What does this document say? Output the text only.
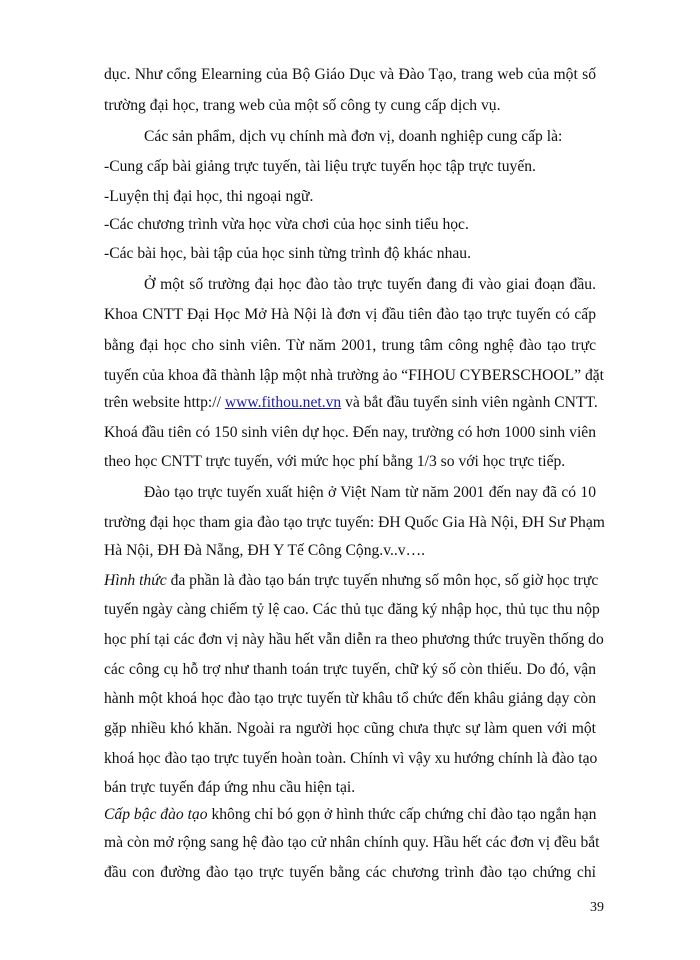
dục. Như cổng Elearning của Bộ Giáo Dục và Đào Tạo, trang web của một số
trường đại học, trang web của một số công ty cung cấp dịch vụ.
Các sản phẩm, dịch vụ chính mà đơn vị, doanh nghiệp cung cấp là:
-Cung cấp bài giảng trực tuyến, tài liệu trực tuyến học tập trực tuyến.
-Luyện thị đại học, thi ngoại ngữ.
-Các chương trình vừa học vừa chơi của học sinh tiểu học.
-Các bài học, bài tập của học sinh từng trình độ khác nhau.
Ở một số trường đại học đào tào trực tuyến đang đi vào giai đoạn đầu.
Khoa CNTT Đại Học Mở Hà Nội là đơn vị đầu tiên đào tạo trực tuyến có cấp
bằng đại học cho sinh viên. Từ năm 2001, trung tâm công nghệ đào tạo trực
tuyến của khoa đã thành lập một nhà trường ảo “FIHOU CYBERSCHOOL” đặt
trên website http:// www.fithou.net.vn và bắt đầu tuyển sinh viên ngành CNTT.
Khoá đầu tiên có 150 sinh viên dự học. Đến nay, trường có hơn 1000 sinh viên
theo học CNTT trực tuyến, với mức học phí bằng 1/3 so với học trực tiếp.
Đào tạo trực tuyến xuất hiện ở Việt Nam từ năm 2001 đến nay đã có 10
trường đại học tham gia đào tạo trực tuyến: ĐH Quốc Gia Hà Nội, ĐH Sư Phạm
Hà Nội, ĐH Đà Nẵng, ĐH Y Tế Công Cộng.v..v….
Hình thức đa phần là đào tạo bán trực tuyến nhưng số môn học, số giờ học trực
tuyến ngày càng chiếm tỷ lệ cao. Các thủ tục đăng ký nhập học, thủ tục thu nộp
học phí tại các đơn vị này hầu hết vẫn diễn ra theo phương thức truyền thống do
các công cụ hỗ trợ như thanh toán trực tuyến, chữ ký số còn thiếu. Do đó, vận
hành một khoá học đào tạo trực tuyến từ khâu tổ chức đến khâu giảng dạy còn
gặp nhiều khó khăn. Ngoài ra người học cũng chưa thực sự làm quen với một
khoá học đào tạo trực tuyến hoàn toàn. Chính vì vậy xu hướng chính là đào tạo
bán trực tuyến đáp ứng nhu cầu hiện tại.
Cấp bậc đào tạo không chỉ bó gọn ở hình thức cấp chứng chỉ đào tạo ngắn hạn
mà còn mở rộng sang hệ đào tạo cử nhân chính quy. Hầu hết các đơn vị đều bắt
đầu con đường đào tạo trực tuyến bằng các chương trình đào tạo chứng chỉ
39
